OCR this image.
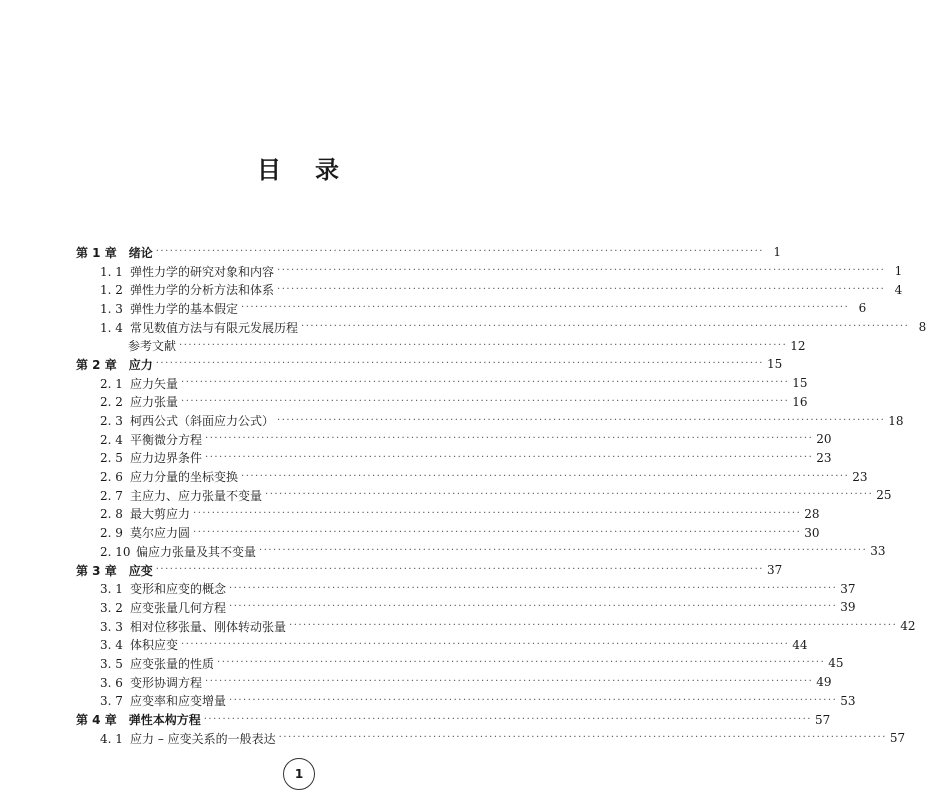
目录
第 1 章 绪论 ·································································································································· 1
1. 1 弹性力学的研究对象和内容 ·································································································································· 1
1. 2 弹性力学的分析方法和体系 ·································································································································· 4
1. 3 弹性力学的基本假定 ·································································································································· 6
1. 4 常见数值方法与有限元发展历程 ·································································································································· 8
参考文献 ·································································································································· 12
第 2 章 应力 ·································································································································· 15
2. 1 应力矢量 ·································································································································· 15
2. 2 应力张量 ·································································································································· 16
2. 3 柯西公式（斜面应力公式） ·································································································································· 18
2. 4 平衡微分方程 ·································································································································· 20
2. 5 应力边界条件 ·································································································································· 23
2. 6 应力分量的坐标变换 ·································································································································· 23
2. 7 主应力、应力张量不变量 ·································································································································· 25
2. 8 最大剪应力 ·································································································································· 28
2. 9 莫尔应力圆 ·································································································································· 30
2. 10 偏应力张量及其不变量 ·································································································································· 33
第 3 章 应变 ·································································································································· 37
3. 1 变形和应变的概念 ·································································································································· 37
3. 2 应变张量几何方程 ·································································································································· 39
3. 3 相对位移张量、刚体转动张量 ·································································································································· 42
3. 4 体积应变 ·································································································································· 44
3. 5 应变张量的性质 ·································································································································· 45
3. 6 变形协调方程 ·································································································································· 49
3. 7 应变率和应变增量 ·································································································································· 53
第 4 章 弹性本构方程 ·································································································································· 57
4. 1 应力 – 应变关系的一般表达 ·································································································································· 57
1
